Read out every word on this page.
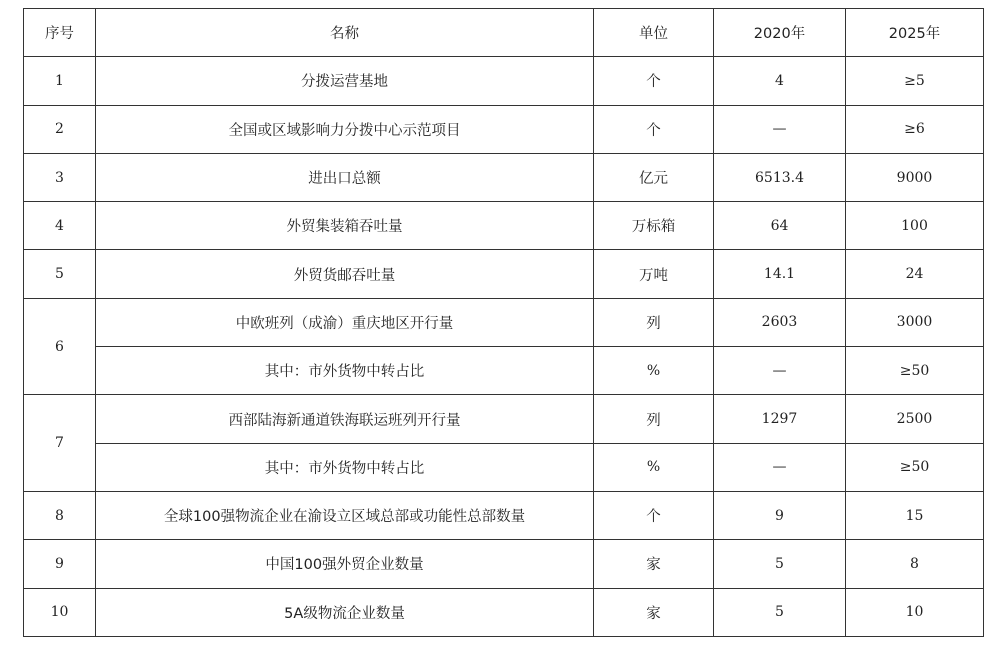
序号	名称	单位	2020年	2025年
1	分拨运营基地	个	4	≥5
2	全国或区域影响力分拨中心示范项目	个	—	≥6
3	进出口总额	亿元	6513.4	9000
4	外贸集装箱吞吐量	万标箱	64	100
5	外贸货邮吞吐量	万吨	14.1	24
6	中欧班列（成渝）重庆地区开行量	列	2603	3000
	其中：市外货物中转占比	%	—	≥50
7	西部陆海新通道铁海联运班列开行量	列	1297	2500
	其中：市外货物中转占比	%	—	≥50
8	全球100强物流企业在渝设立区域总部或功能性总部数量	个	9	15
9	中国100强外贸企业数量	家	5	8
10	5A级物流企业数量	家	5	10
